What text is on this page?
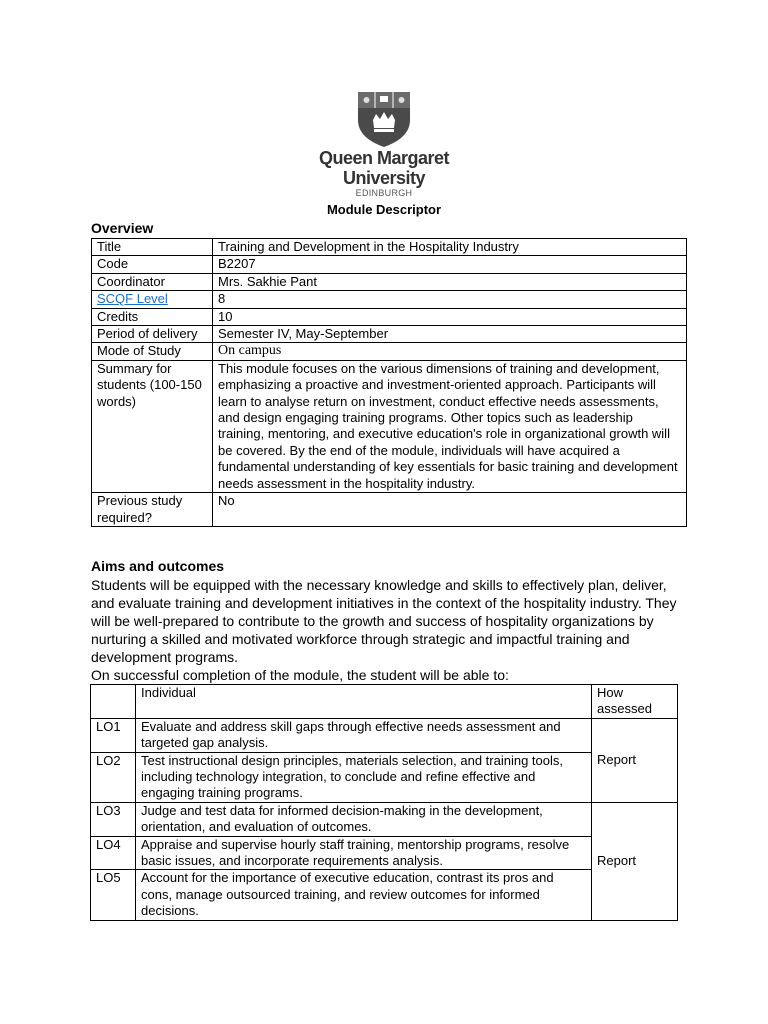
Queen Margaret
University
EDINBURGH
Module Descriptor
Overview
Title	Training and Development in the Hospitality Industry
Code	B2207
Coordinator	Mrs. Sakhie Pant
SCQF Level	8
Credits	10
Period of delivery	Semester IV, May-September
Mode of Study	On campus
Summary for students (100-150 words)	This module focuses on the various dimensions of training and development, emphasizing a proactive and investment-oriented approach. Participants will learn to analyse return on investment, conduct effective needs assessments, and design engaging training programs. Other topics such as leadership training, mentoring, and executive education's role in organizational growth will be covered. By the end of the module, individuals will have acquired a fundamental understanding of key essentials for basic training and development needs assessment in the hospitality industry.
Previous study required?	No
Aims and outcomes
Students will be equipped with the necessary knowledge and skills to effectively plan, deliver, and evaluate training and development initiatives in the context of the hospitality industry. They will be well-prepared to contribute to the growth and success of hospitality organizations by nurturing a skilled and motivated workforce through strategic and impactful training and development programs.
On successful completion of the module, the student will be able to:
	Individual	How assessed
LO1	Evaluate and address skill gaps through effective needs assessment and targeted gap analysis.	Report
LO2	Test instructional design principles, materials selection, and training tools, including technology integration, to conclude and refine effective and engaging training programs.	
LO3	Judge and test data for informed decision-making in the development, orientation, and evaluation of outcomes.	Report
LO4	Appraise and supervise hourly staff training, mentorship programs, resolve basic issues, and incorporate requirements analysis.	
LO5	Account for the importance of executive education, contrast its pros and cons, manage outsourced training, and review outcomes for informed decisions.	
